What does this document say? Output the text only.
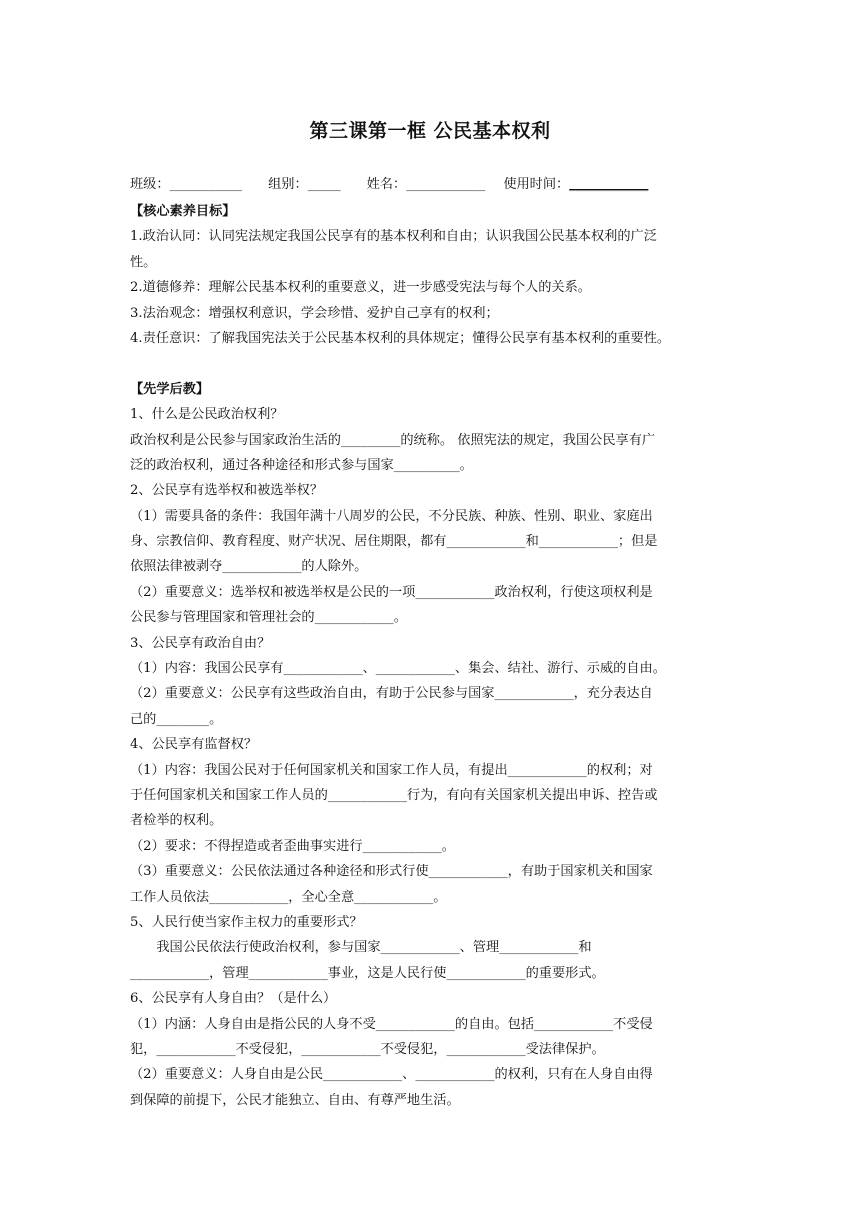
第三课第一框 公民基本权利
班级：___________ 组别：_____ 姓名：____________ 使用时间：____________
【核心素养目标】
1.政治认同：认同宪法规定我国公民享有的基本权利和自由；认识我国公民基本权利的广泛
性。
2.道德修养：理解公民基本权利的重要意义，进一步感受宪法与每个人的关系。
3.法治观念：增强权利意识，学会珍惜、爱护自己享有的权利；
4.责任意识：了解我国宪法关于公民基本权利的具体规定；懂得公民享有基本权利的重要性。
【先学后教】
1、什么是公民政治权利？
政治权利是公民参与国家政治生活的_________的统称。 依照宪法的规定，我国公民享有广
泛的政治权利，通过各种途径和形式参与国家__________。
2、公民享有选举权和被选举权？
（1）需要具备的条件：我国年满十八周岁的公民，不分民族、种族、性别、职业、家庭出
身、宗教信仰、教育程度、财产状况、居住期限，都有____________和____________；但是
依照法律被剥夺____________的人除外。
（2）重要意义：选举权和被选举权是公民的一项____________政治权利，行使这项权利是
公民参与管理国家和管理社会的____________。
3、公民享有政治自由？
（1）内容：我国公民享有____________、____________、集会、结社、游行、示威的自由。
（2）重要意义：公民享有这些政治自由，有助于公民参与国家____________，充分表达自
己的________。
4、公民享有监督权？
（1）内容：我国公民对于任何国家机关和国家工作人员，有提出____________的权利；对
于任何国家机关和国家工作人员的____________行为，有向有关国家机关提出申诉、控告或
者检举的权利。
（2）要求：不得捏造或者歪曲事实进行____________。
（3）重要意义：公民依法通过各种途径和形式行使____________，有助于国家机关和国家
工作人员依法____________，全心全意____________。
5、人民行使当家作主权力的重要形式？
　　我国公民依法行使政治权利，参与国家____________、管理____________和
____________，管理____________事业，这是人民行使____________的重要形式。
6、公民享有人身自由？（是什么）
（1）内涵：人身自由是指公民的人身不受____________的自由。包括____________不受侵
犯，____________不受侵犯，____________不受侵犯，____________受法律保护。
（2）重要意义：人身自由是公民____________、____________的权利，只有在人身自由得
到保障的前提下，公民才能独立、自由、有尊严地生活。
